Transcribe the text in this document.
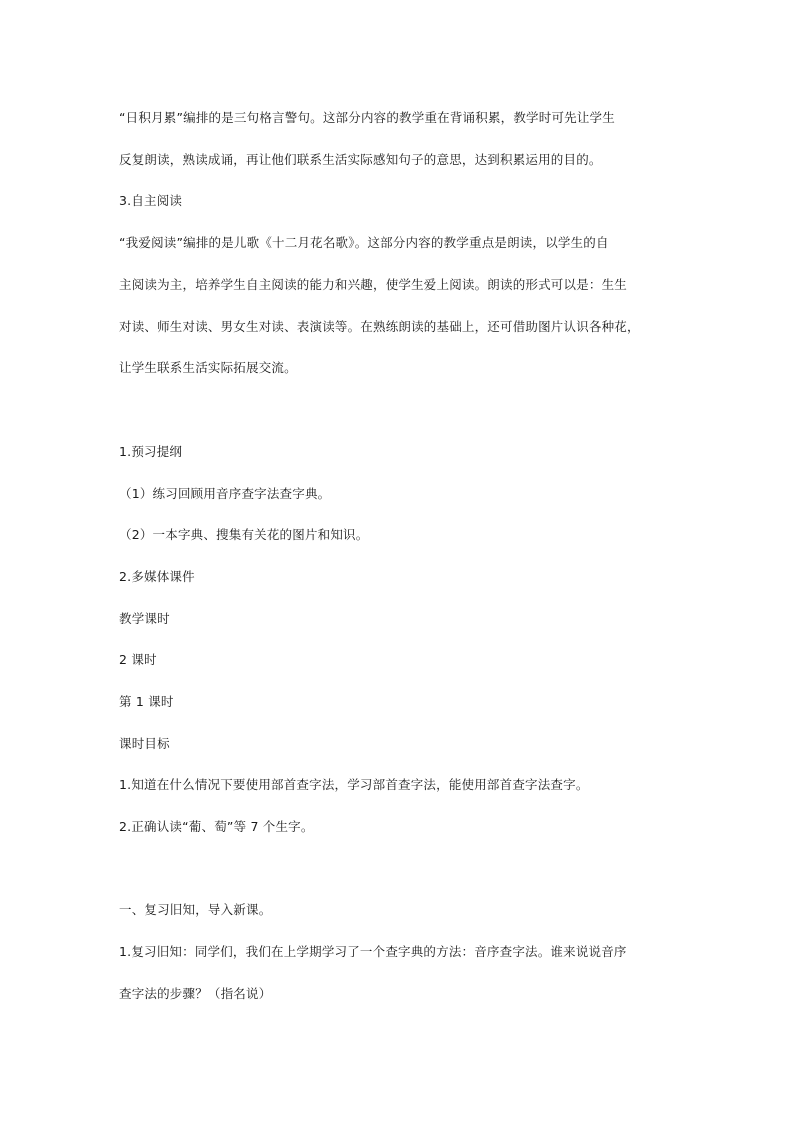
“日积月累”编排的是三句格言警句。这部分内容的教学重在背诵积累，教学时可先让学生
反复朗读，熟读成诵，再让他们联系生活实际感知句子的意思，达到积累运用的目的。
3.自主阅读
“我爱阅读”编排的是儿歌《十二月花名歌》。这部分内容的教学重点是朗读，以学生的自
主阅读为主，培养学生自主阅读的能力和兴趣，使学生爱上阅读。朗读的形式可以是：生生
对读、师生对读、男女生对读、表演读等。在熟练朗读的基础上，还可借助图片认识各种花，
让学生联系生活实际拓展交流。
1.预习提纲
（1）练习回顾用音序查字法查字典。
（2）一本字典、搜集有关花的图片和知识。
2.多媒体课件
教学课时
2 课时
第 1 课时
课时目标
1.知道在什么情况下要使用部首查字法，学习部首查字法，能使用部首查字法查字。
2.正确认读“葡、萄”等 7 个生字。
一、复习旧知，导入新课。
1.复习旧知：同学们，我们在上学期学习了一个查字典的方法：音序查字法。谁来说说音序
查字法的步骤？（指名说）
